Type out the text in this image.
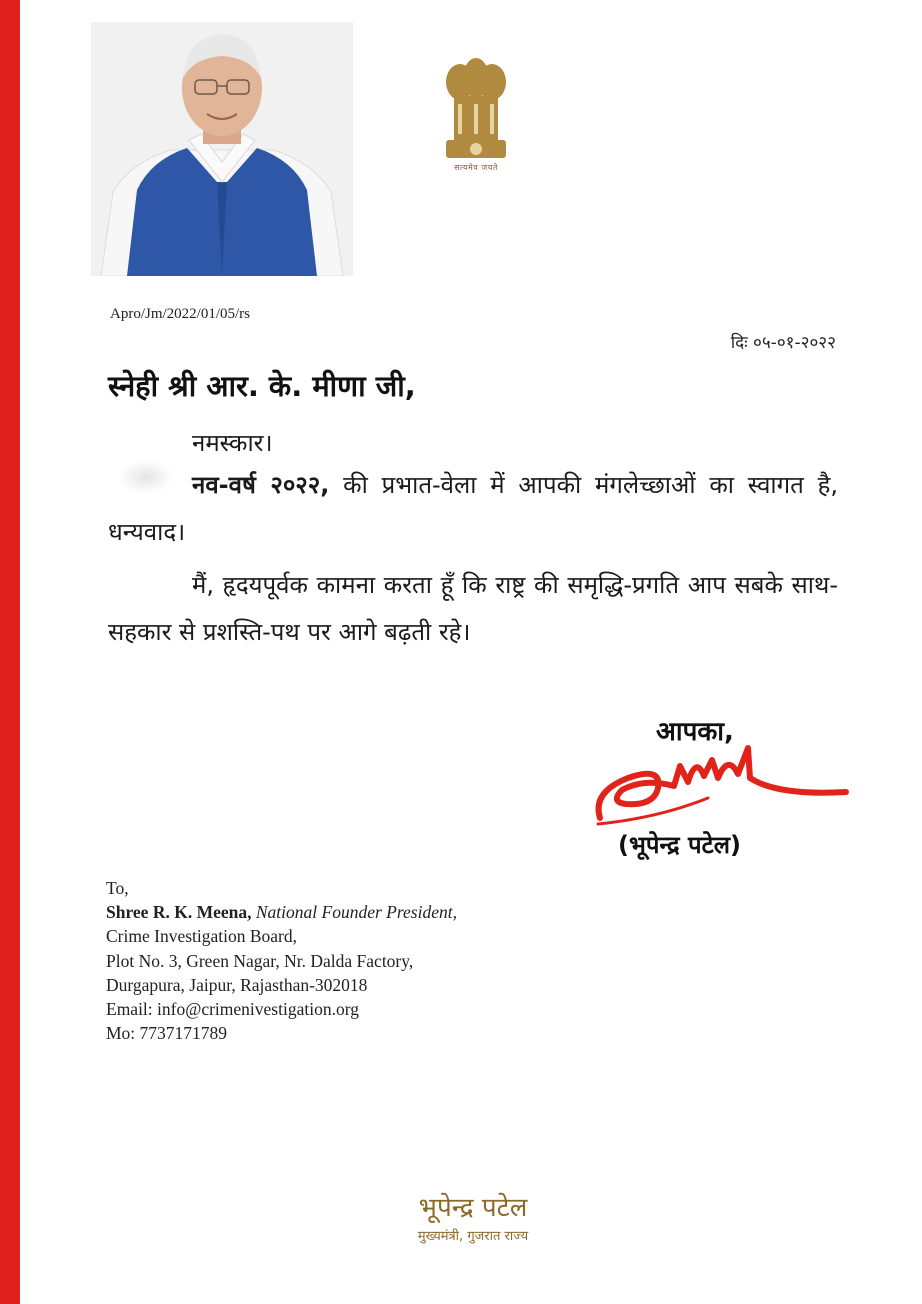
सत्यमेव जयते
Apro/Jm/2022/01/05/rs
दिः ०५-०१-२०२२
स्नेही श्री आर. के. मीणा जी,
नमस्कार।
नव-वर्ष २०२२, की प्रभात-वेला में आपकी मंगलेच्छाओं का स्वागत है, धन्यवाद।
मैं, हृदयपूर्वक कामना करता हूँ कि राष्ट्र की समृद्धि-प्रगति आप सबके साथ-सहकार से प्रशस्ति-पथ पर आगे बढ़ती रहे।
आपका,
(भूपेन्द्र पटेल)
To,
Shree R. K. Meena, National Founder President,
Crime Investigation Board,
Plot No. 3, Green Nagar, Nr. Dalda Factory,
Durgapura, Jaipur, Rajasthan-302018
Email: info@crimenivestigation.org
Mo: 7737171789
भूपेन्द्र पटेल
मुख्यमंत्री, गुजरात राज्य
